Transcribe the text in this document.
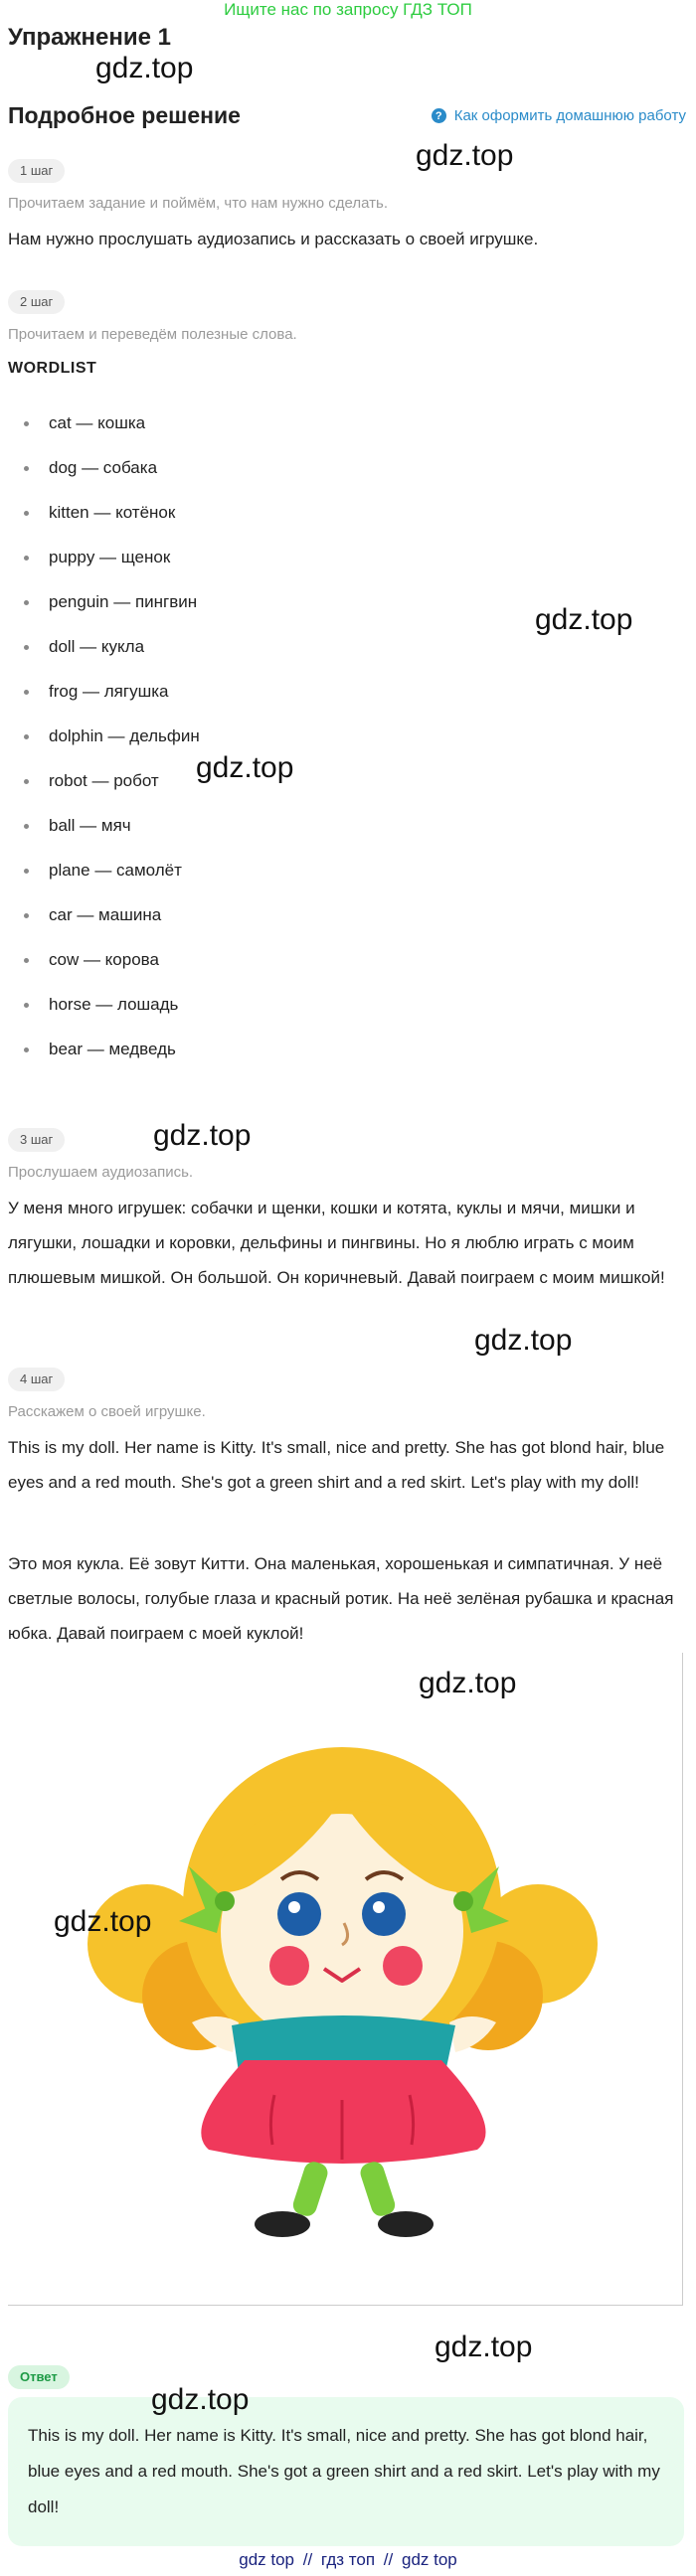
Ищите нас по запросу ГДЗ ТОП
Упражнение 1
Подробное решение	? Как оформить домашнюю работу
1 шаг
Прочитаем задание и поймём, что нам нужно сделать.
Нам нужно прослушать аудиозапись и рассказать о своей игрушке.
2 шаг
Прочитаем и переведём полезные слова.
WORDLIST
cat — кошка
dog — собака
kitten — котёнок
puppy — щенок
penguin — пингвин
doll — кукла
frog — лягушка
dolphin — дельфин
robot — робот
ball — мяч
plane — самолёт
car — машина
cow — корова
horse — лошадь
bear — медведь
3 шаг
Прослушаем аудиозапись.
У меня много игрушек: собачки и щенки, кошки и котята, куклы и мячи, мишки и лягушки, лошадки и коровки, дельфины и пингвины. Но я люблю играть с моим плюшевым мишкой. Он большой. Он коричневый. Давай поиграем с моим мишкой!
4 шаг
Расскажем о своей игрушке.
This is my doll. Her name is Kitty. It's small, nice and pretty. She has got blond hair, blue eyes and a red mouth. She's got a green shirt and a red skirt. Let's play with my doll!
Это моя кукла. Её зовут Китти. Она маленькая, хорошенькая и симпатичная. У неё светлые волосы, голубые глаза и красный ротик. На неё зелёная рубашка и красная юбка. Давай поиграем с моей куклой!
Ответ
This is my doll. Her name is Kitty. It's small, nice and pretty. She has got blond hair, blue eyes and a red mouth. She's got a green shirt and a red skirt. Let's play with my doll!
gdz.top
gdz.top
gdz.top
gdz.top
gdz.top
gdz.top
gdz.top
gdz.top
gdz.top
gdz.top
gdz top // гдз топ // gdz top
